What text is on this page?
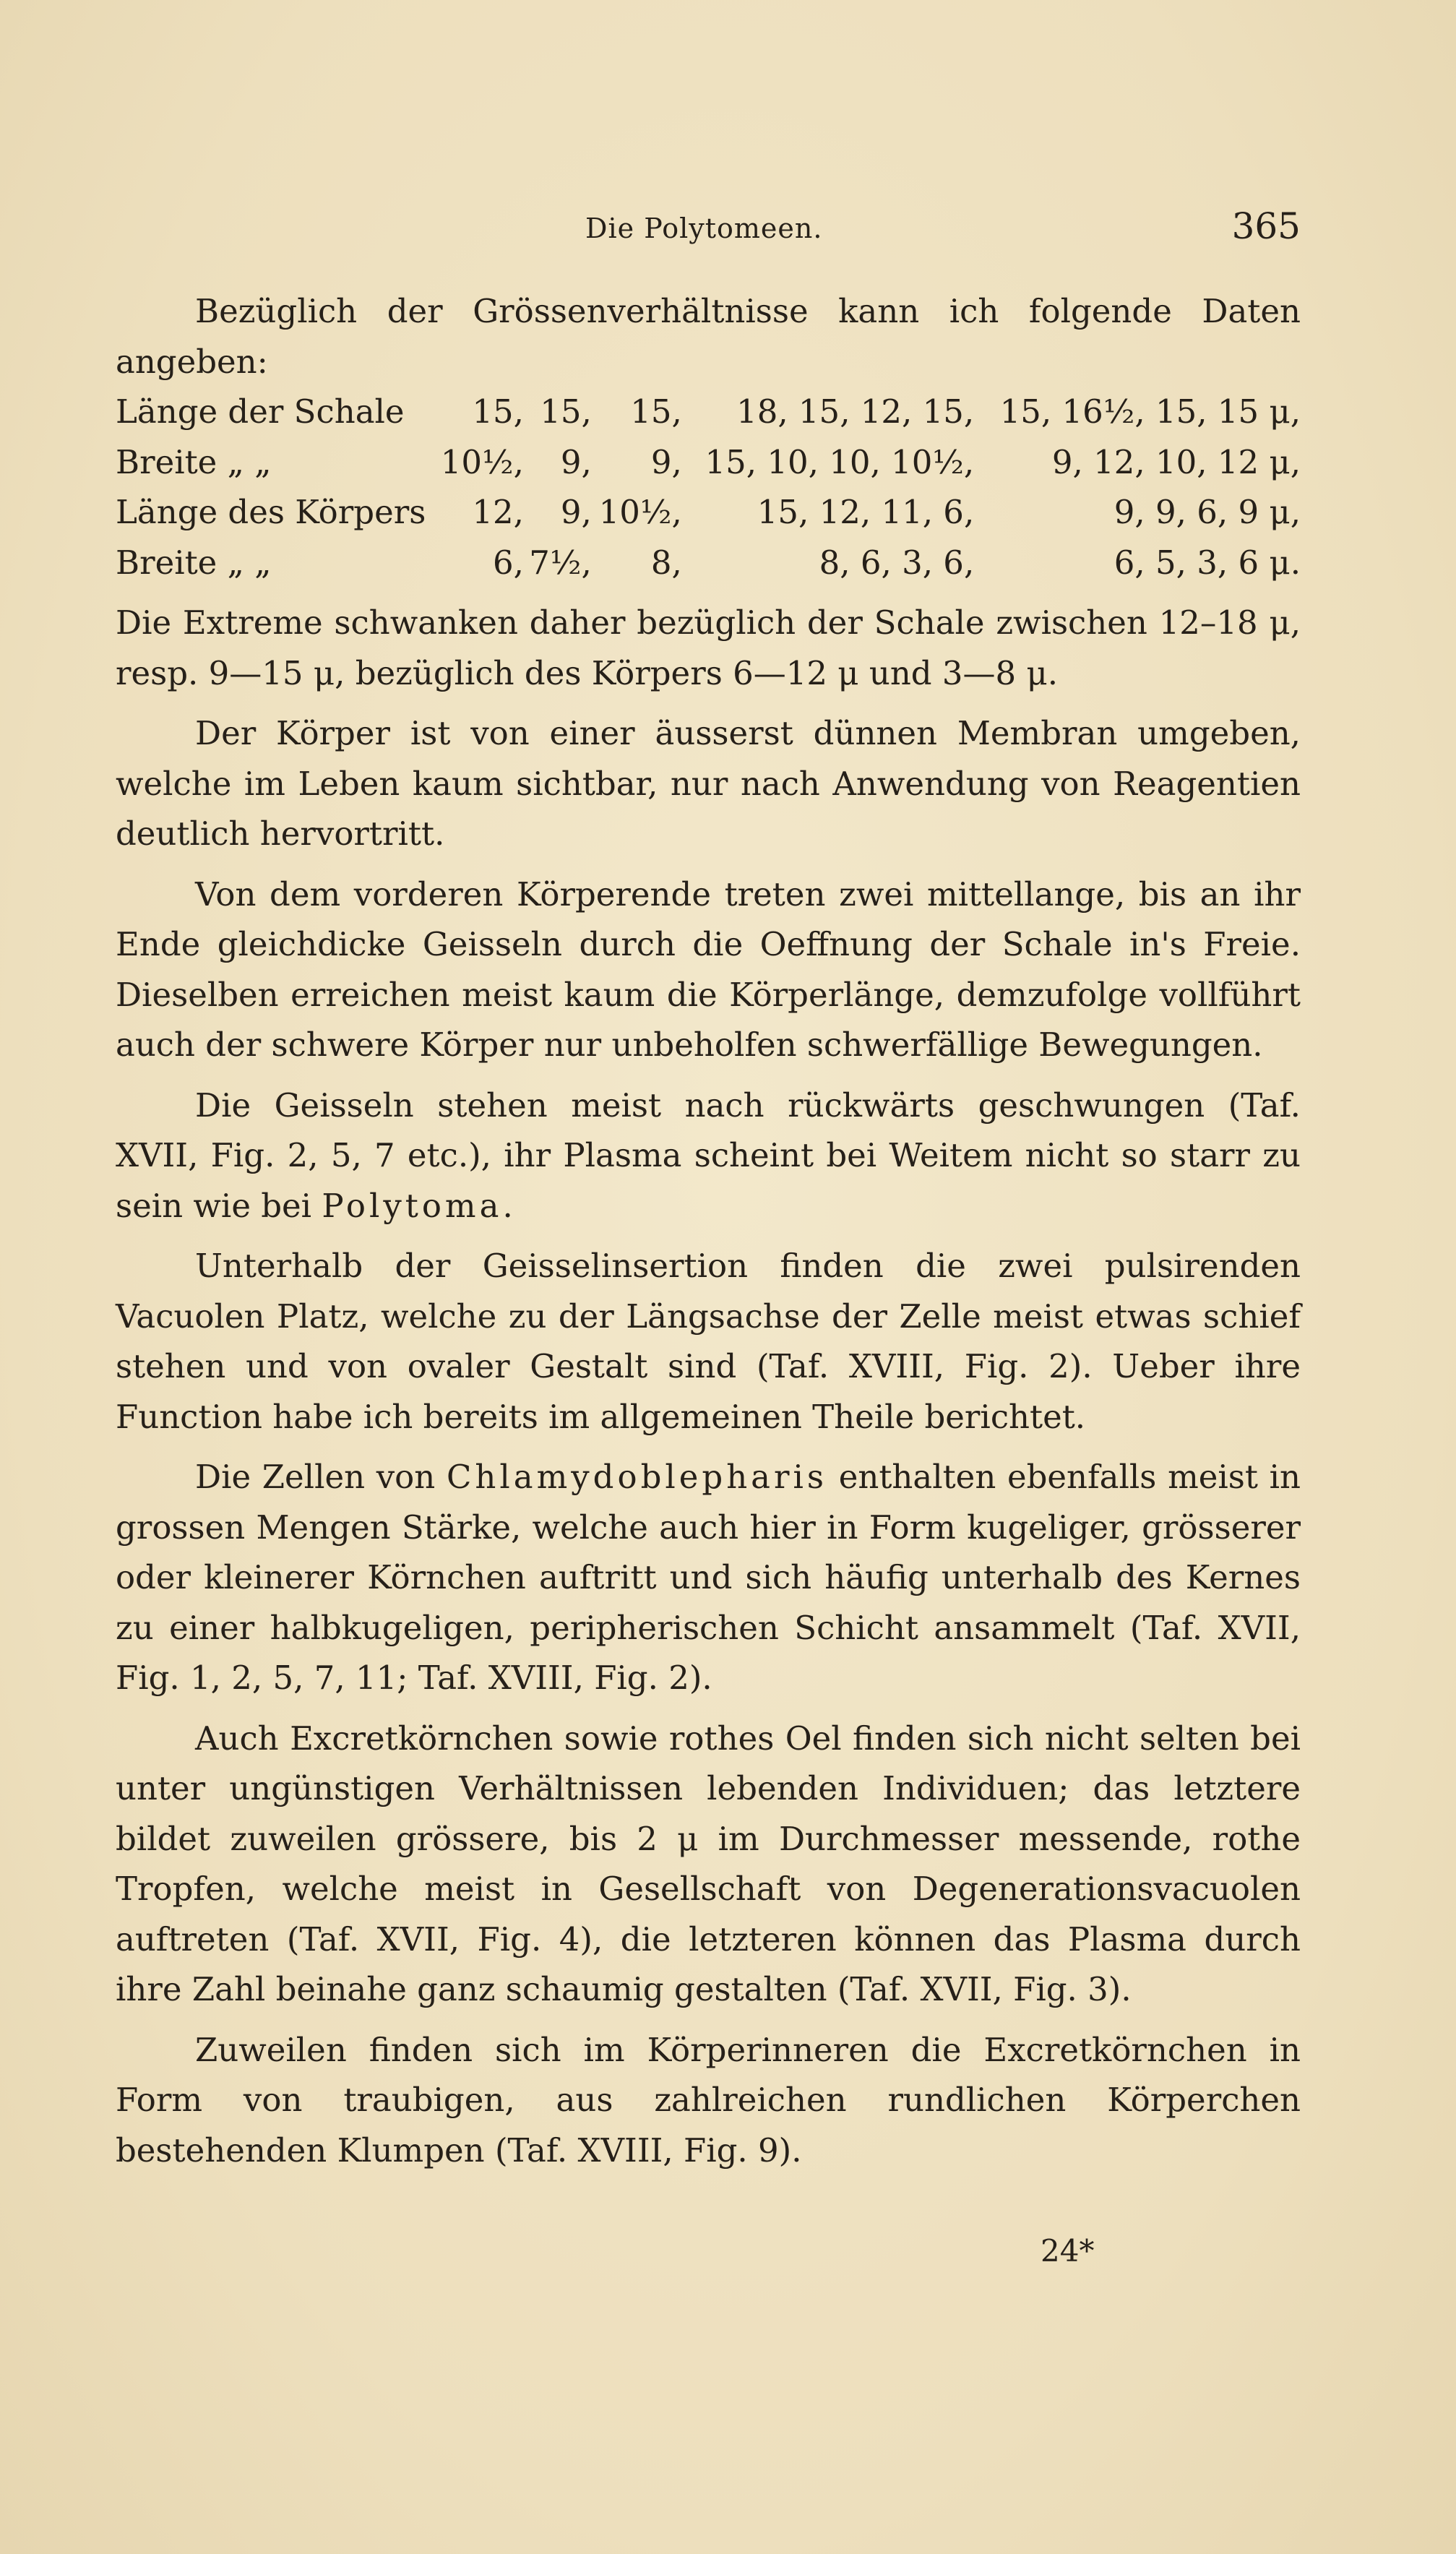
Die Polytomeen.	365

Bezüglich der Grössenverhältnisse kann ich folgende Daten angeben:

Länge der Schale	15,	15,	15,	18, 15, 12, 15,	15, 16½, 15, 15 μ,
Breite „ „	10½,	9,	9,	15, 10, 10, 10½,	9, 12, 10, 12 μ,
Länge des Körpers	12,	9,	10½,	15, 12, 11, 6,	9, 9, 6, 9 μ,
Breite „ „	6,	7½,	8,	8, 6, 3, 6,	6, 5, 3, 6 μ.

Die Extreme schwanken daher bezüglich der Schale zwischen 12–18 μ, resp. 9—15 μ, bezüglich des Körpers 6—12 μ und 3—8 μ.

Der Körper ist von einer äusserst dünnen Membran umgeben, welche im Leben kaum sichtbar, nur nach Anwendung von Reagentien deutlich hervortritt.

Von dem vorderen Körperende treten zwei mittellange, bis an ihr Ende gleichdicke Geisseln durch die Oeffnung der Schale in's Freie. Dieselben erreichen meist kaum die Körperlänge, demzufolge vollführt auch der schwere Körper nur unbeholfen schwerfällige Bewegungen.

Die Geisseln stehen meist nach rückwärts geschwungen (Taf. XVII, Fig. 2, 5, 7 etc.), ihr Plasma scheint bei Weitem nicht so starr zu sein wie bei Polytoma.

Unterhalb der Geisselinsertion finden die zwei pulsirenden Vacuolen Platz, welche zu der Längsachse der Zelle meist etwas schief stehen und von ovaler Gestalt sind (Taf. XVIII, Fig. 2). Ueber ihre Function habe ich bereits im allgemeinen Theile berichtet.

Die Zellen von Chlamydoblepharis enthalten ebenfalls meist in grossen Mengen Stärke, welche auch hier in Form kugeliger, grösserer oder kleinerer Körnchen auftritt und sich häufig unterhalb des Kernes zu einer halbkugeligen, peripherischen Schicht ansammelt (Taf. XVII, Fig. 1, 2, 5, 7, 11; Taf. XVIII, Fig. 2).

Auch Excretkörnchen sowie rothes Oel finden sich nicht selten bei unter ungünstigen Verhältnissen lebenden Individuen; das letztere bildet zuweilen grössere, bis 2 μ im Durchmesser messende, rothe Tropfen, welche meist in Gesellschaft von Degenerationsvacuolen auftreten (Taf. XVII, Fig. 4), die letzteren können das Plasma durch ihre Zahl beinahe ganz schaumig gestalten (Taf. XVII, Fig. 3).

Zuweilen finden sich im Körperinneren die Excretkörnchen in Form von traubigen, aus zahlreichen rundlichen Körperchen bestehenden Klumpen (Taf. XVIII, Fig. 9).

24*
